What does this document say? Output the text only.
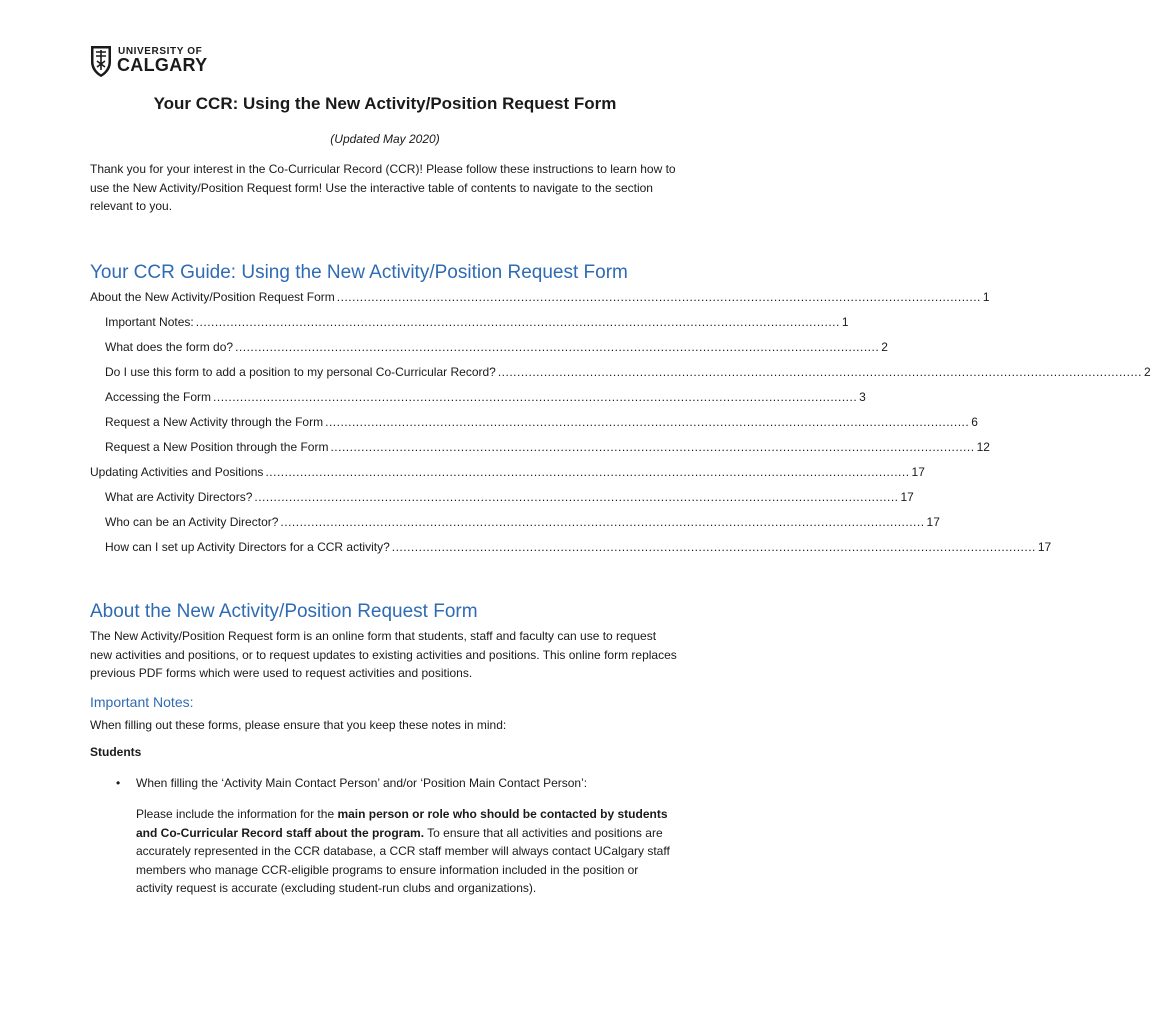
UNIVERSITY OF
CALGARY
Your CCR: Using the New Activity/Position Request Form
(Updated May 2020)
Thank you for your interest in the Co-Curricular Record (CCR)! Please follow these instructions to learn how to use the New Activity/Position Request form! Use the interactive table of contents to navigate to the section relevant to you.
Your CCR Guide: Using the New Activity/Position Request Form
About the New Activity/Position Request Form ........................................................................................................................................................................ 1
Important Notes: ........................................................................................................................................................................ 1
What does the form do? ........................................................................................................................................................................ 2
Do I use this form to add a position to my personal Co-Curricular Record? ........................................................................................................................................................................ 2
Accessing the Form ........................................................................................................................................................................ 3
Request a New Activity through the Form ........................................................................................................................................................................ 6
Request a New Position through the Form ........................................................................................................................................................................ 12
Updating Activities and Positions ........................................................................................................................................................................ 17
What are Activity Directors? ........................................................................................................................................................................ 17
Who can be an Activity Director? ........................................................................................................................................................................ 17
How can I set up Activity Directors for a CCR activity? ........................................................................................................................................................................ 17
About the New Activity/Position Request Form
The New Activity/Position Request form is an online form that students, staff and faculty can use to request new activities and positions, or to request updates to existing activities and positions. This online form replaces previous PDF forms which were used to request activities and positions.
Important Notes:
When filling out these forms, please ensure that you keep these notes in mind:
Students
• When filling the ‘Activity Main Contact Person’ and/or ‘Position Main Contact Person’:
Please include the information for the main person or role who should be contacted by students and Co-Curricular Record staff about the program. To ensure that all activities and positions are accurately represented in the CCR database, a CCR staff member will always contact UCalgary staff members who manage CCR-eligible programs to ensure information included in the position or activity request is accurate (excluding student-run clubs and organizations).
